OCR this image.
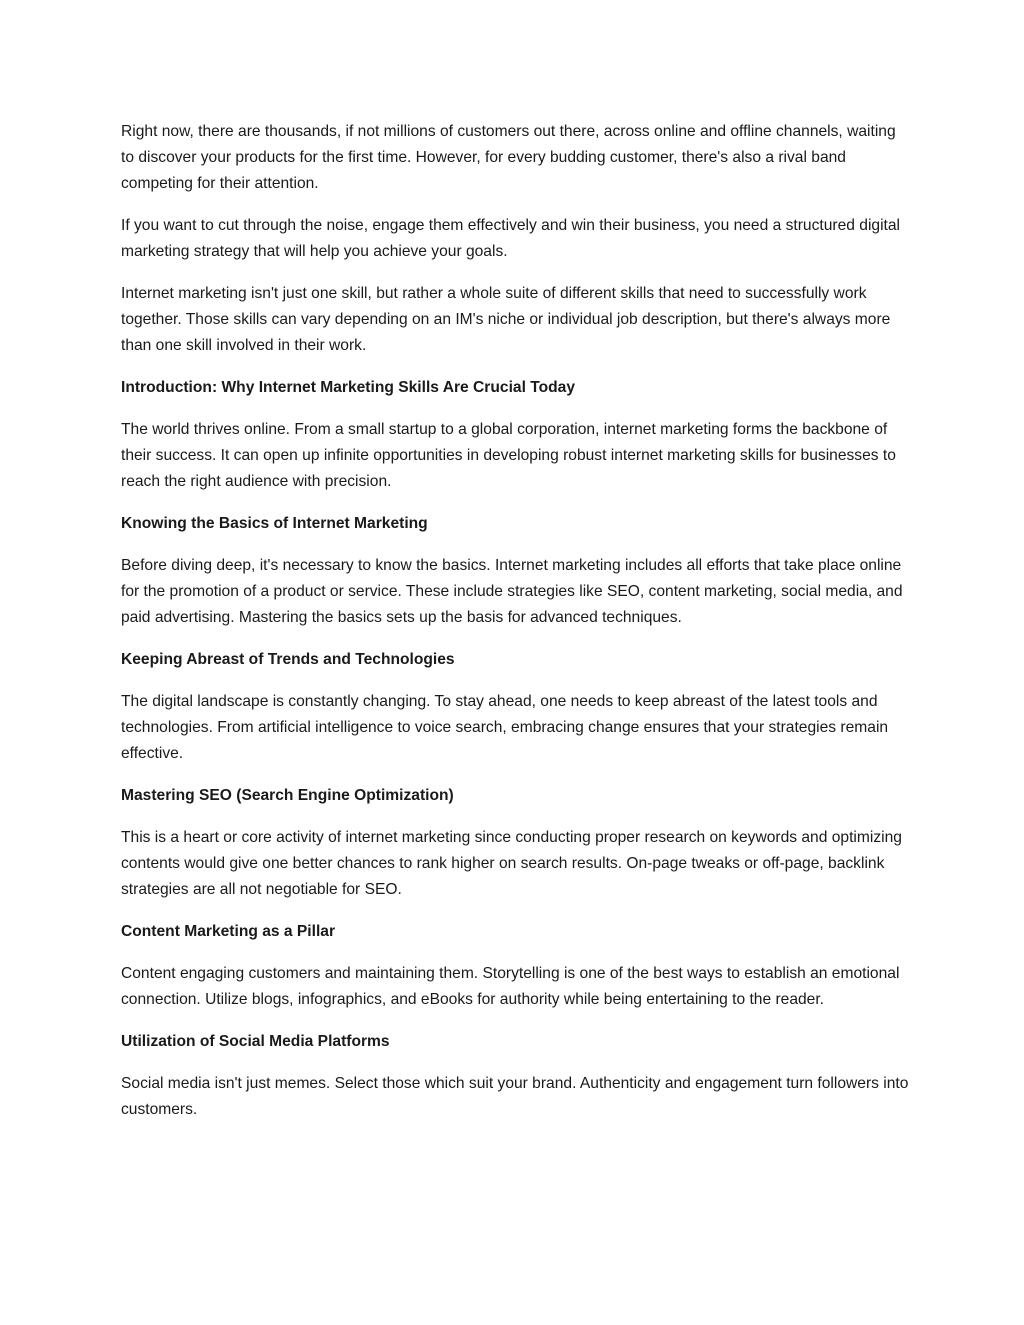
Right now, there are thousands, if not millions of customers out there, across online and offline channels, waiting to discover your products for the first time. However, for every budding customer, there's also a rival band competing for their attention.

If you want to cut through the noise, engage them effectively and win their business, you need a structured digital marketing strategy that will help you achieve your goals.

Internet marketing isn't just one skill, but rather a whole suite of different skills that need to successfully work together. Those skills can vary depending on an IM's niche or individual job description, but there's always more than one skill involved in their work.

Introduction: Why Internet Marketing Skills Are Crucial Today

The world thrives online. From a small startup to a global corporation, internet marketing forms the backbone of their success. It can open up infinite opportunities in developing robust internet marketing skills for businesses to reach the right audience with precision.

Knowing the Basics of Internet Marketing

Before diving deep, it's necessary to know the basics. Internet marketing includes all efforts that take place online for the promotion of a product or service. These include strategies like SEO, content marketing, social media, and paid advertising. Mastering the basics sets up the basis for advanced techniques.

Keeping Abreast of Trends and Technologies

The digital landscape is constantly changing. To stay ahead, one needs to keep abreast of the latest tools and technologies. From artificial intelligence to voice search, embracing change ensures that your strategies remain effective.

Mastering SEO (Search Engine Optimization)

This is a heart or core activity of internet marketing since conducting proper research on keywords and optimizing contents would give one better chances to rank higher on search results. On-page tweaks or off-page, backlink strategies are all not negotiable for SEO.

Content Marketing as a Pillar

Content engaging customers and maintaining them. Storytelling is one of the best ways to establish an emotional connection. Utilize blogs, infographics, and eBooks for authority while being entertaining to the reader.

Utilization of Social Media Platforms

Social media isn't just memes. Select those which suit your brand. Authenticity and engagement turn followers into customers.
